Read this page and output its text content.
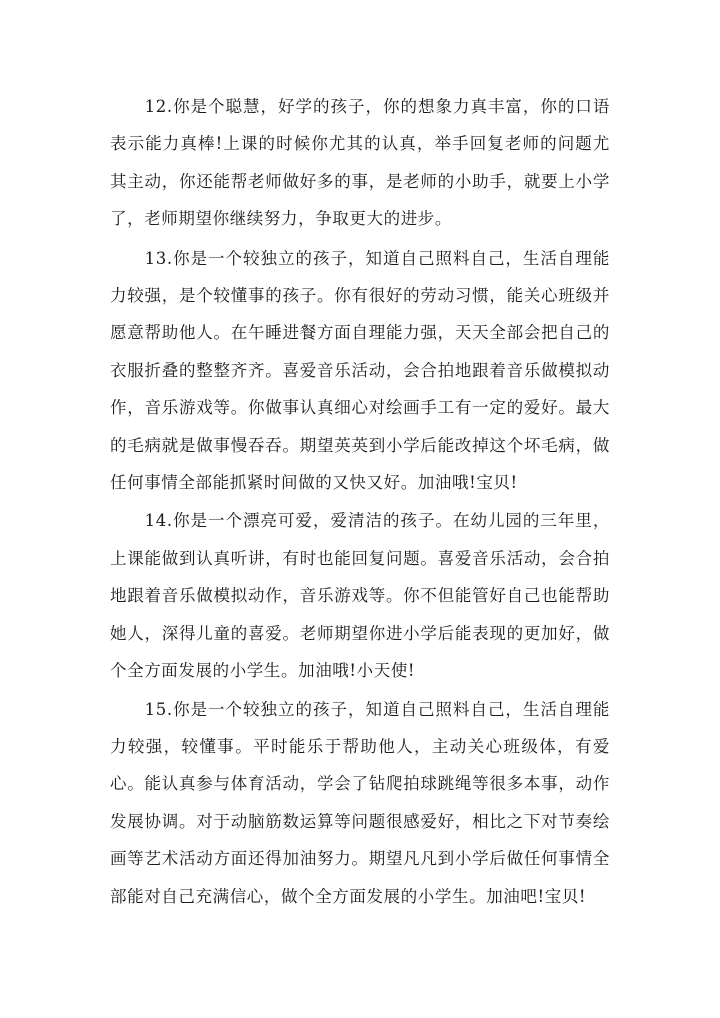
12.你是个聪慧，好学的孩子，你的想象力真丰富，你的口语表示能力真棒!上课的时候你尤其的认真，举手回复老师的问题尤其主动，你还能帮老师做好多的事，是老师的小助手，就要上小学了，老师期望你继续努力，争取更大的进步。

13.你是一个较独立的孩子，知道自己照料自己，生活自理能力较强，是个较懂事的孩子。你有很好的劳动习惯，能关心班级并愿意帮助他人。在午睡进餐方面自理能力强，天天全部会把自己的衣服折叠的整整齐齐。喜爱音乐活动，会合拍地跟着音乐做模拟动作，音乐游戏等。你做事认真细心对绘画手工有一定的爱好。最大的毛病就是做事慢吞吞。期望英英到小学后能改掉这个坏毛病，做任何事情全部能抓紧时间做的又快又好。加油哦!宝贝!

14.你是一个漂亮可爱，爱清洁的孩子。在幼儿园的三年里，上课能做到认真听讲，有时也能回复问题。喜爱音乐活动，会合拍地跟着音乐做模拟动作，音乐游戏等。你不但能管好自己也能帮助她人，深得儿童的喜爱。老师期望你进小学后能表现的更加好，做个全方面发展的小学生。加油哦!小天使!

15.你是一个较独立的孩子，知道自己照料自己，生活自理能力较强，较懂事。平时能乐于帮助他人，主动关心班级体，有爱心。能认真参与体育活动，学会了钻爬拍球跳绳等很多本事，动作发展协调。对于动脑筋数运算等问题很感爱好，相比之下对节奏绘画等艺术活动方面还得加油努力。期望凡凡到小学后做任何事情全部能对自己充满信心，做个全方面发展的小学生。加油吧!宝贝!
